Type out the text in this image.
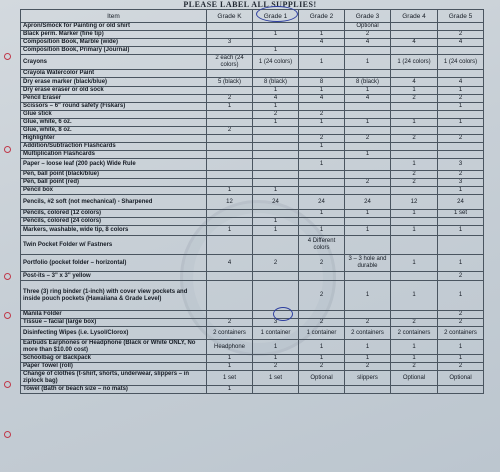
PLEASE LABEL ALL SUPPLIES!
Item	Grade K	Grade 1	Grade 2	Grade 3	Grade 4	Grade 5
Apron/Smock for Painting or old shirt				Optional		
Black perm. Marker (fine tip)		1	1	2		2
Composition Book, Marble (wide)	3		4	4	4	4
Composition Book, Primary (Journal)		1				
Crayons	2 each (24 colors)	1 (24 colors)	1	1	1 (24 colors)	1 (24 colors)
Crayola Watercolor Paint						
Dry erase marker (black/blue)	5 (black)	8 (black)	8	8 (black)	4	4
Dry erase eraser or old sock		1	1	1	1	1
Pencil Eraser	2	4	4	4	2	2
Scissors – 6" round safety (Fiskars)	1	1				1
Glue stick		2	2			
Glue, white, 6 oz.		1	1	1	1	1
Glue, white, 8 oz.	2					
Highlighter			2	2	2	2
Addition/Subtraction Flashcards			1			
Multiplication Flashcards				1		
Paper – loose leaf (200 pack) Wide Rule			1		1	3
Pen, ball point (black/blue)					2	2
Pen, ball point (red)				2	2	3
Pencil box	1	1				1
Pencils, #2 soft (not mechanical) - Sharpened	12	24	24	24	12	24
Pencils, colored (12 colors)			1	1	1	1 set
Pencils, colored (24 colors)		1				
Markers, washable, wide tip, 8 colors	1	1	1	1	1	1
Twin Pocket Folder w/ Fastners			4 Different colors			
Portfolio (pocket folder – horizontal)	4	2	2	3 – 3 hole and durable	1	1
Post-its – 3" x 3" yellow						2
Three (3) ring binder (1-inch) with cover view pockets and inside pouch pockets (Hawaiiana & Grade Level)			2	1	1	1
Manila Folder						2
Tissue – facial (large box)	2	3	2	2	2	2
Disinfecting Wipes (i.e. Lysol/Clorox)	2 containers	1 container	1 container	2 containers	2 containers	2 containers
Earbuds Earphones or Headphone (Black or White ONLY, No more than $10.00 cost)	Headphone	1	1	1	1	1
Schoolbag or Backpack	1	1	1	1	1	1
Paper Towel (roll)	1	2	2	2	2	2
Change of clothes (t-shirt, shorts, underwear, slippers – in ziplock bag)	1 set	1 set	Optional	slippers	Optional	Optional
Towel (Bath or beach size – no mats)	1					
